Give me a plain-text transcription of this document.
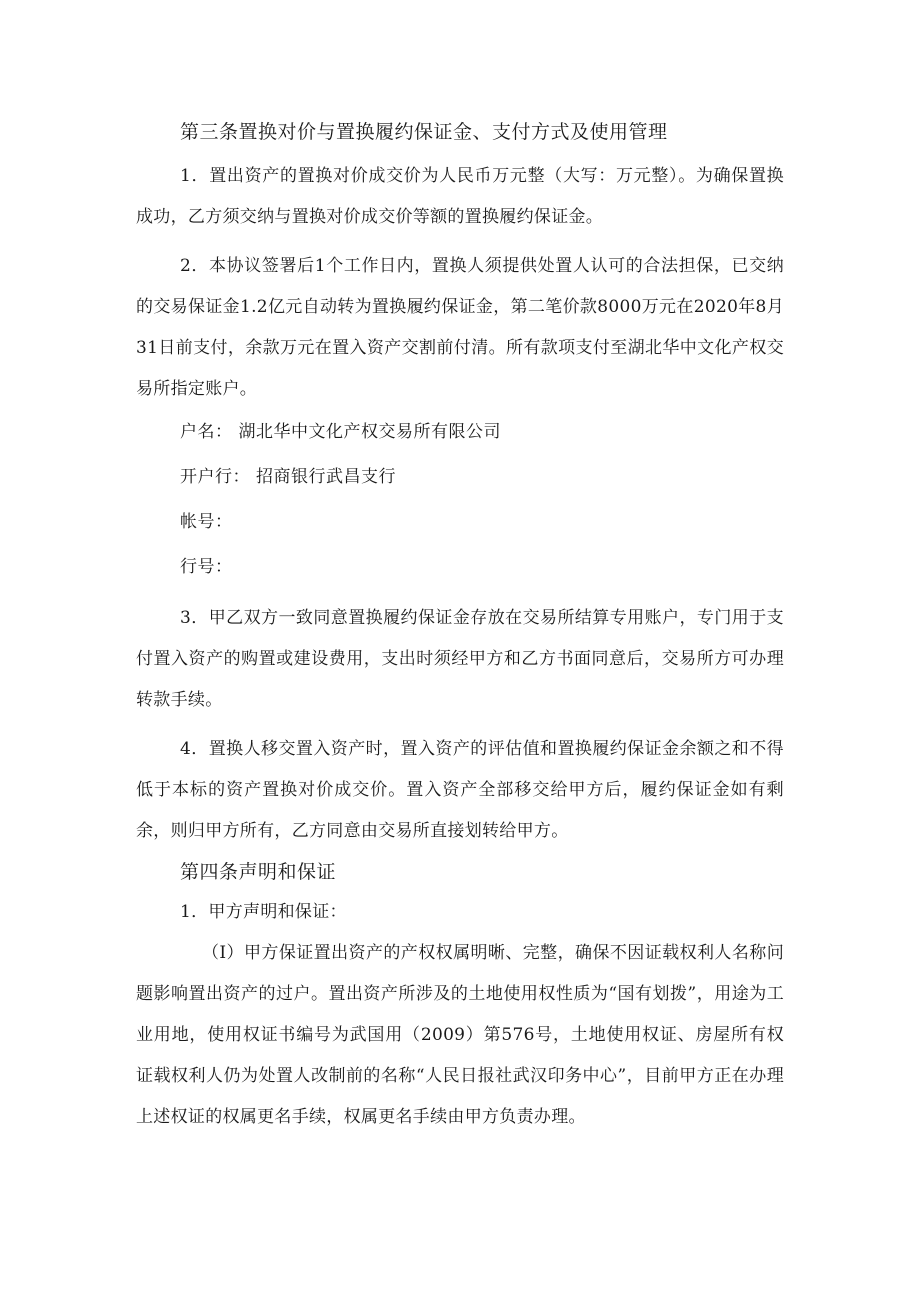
第三条置换对价与置换履约保证金、支付方式及使用管理

1．置出资产的置换对价成交价为人民币万元整（大写：万元整）。为确保置换成功，乙方须交纳与置换对价成交价等额的置换履约保证金。

2．本协议签署后1个工作日内，置换人须提供处置人认可的合法担保，已交纳的交易保证金1.2亿元自动转为置换履约保证金，第二笔价款8000万元在2020年8月31日前支付，余款万元在置入资产交割前付清。所有款项支付至湖北华中文化产权交易所指定账户。

户名： 湖北华中文化产权交易所有限公司

开户行： 招商银行武昌支行

帐号：

行号：

3．甲乙双方一致同意置换履约保证金存放在交易所结算专用账户，专门用于支付置入资产的购置或建设费用，支出时须经甲方和乙方书面同意后，交易所方可办理转款手续。

4．置换人移交置入资产时，置入资产的评估值和置换履约保证金余额之和不得低于本标的资产置换对价成交价。置入资产全部移交给甲方后，履约保证金如有剩余，则归甲方所有，乙方同意由交易所直接划转给甲方。

第四条声明和保证

1．甲方声明和保证：

（I）甲方保证置出资产的产权权属明晰、完整，确保不因证载权利人名称问题影响置出资产的过户。置出资产所涉及的土地使用权性质为“国有划拨”，用途为工业用地，使用权证书编号为武国用（2009）第576号，土地使用权证、房屋所有权证载权利人仍为处置人改制前的名称“人民日报社武汉印务中心”，目前甲方正在办理上述权证的权属更名手续，权属更名手续由甲方负责办理。
